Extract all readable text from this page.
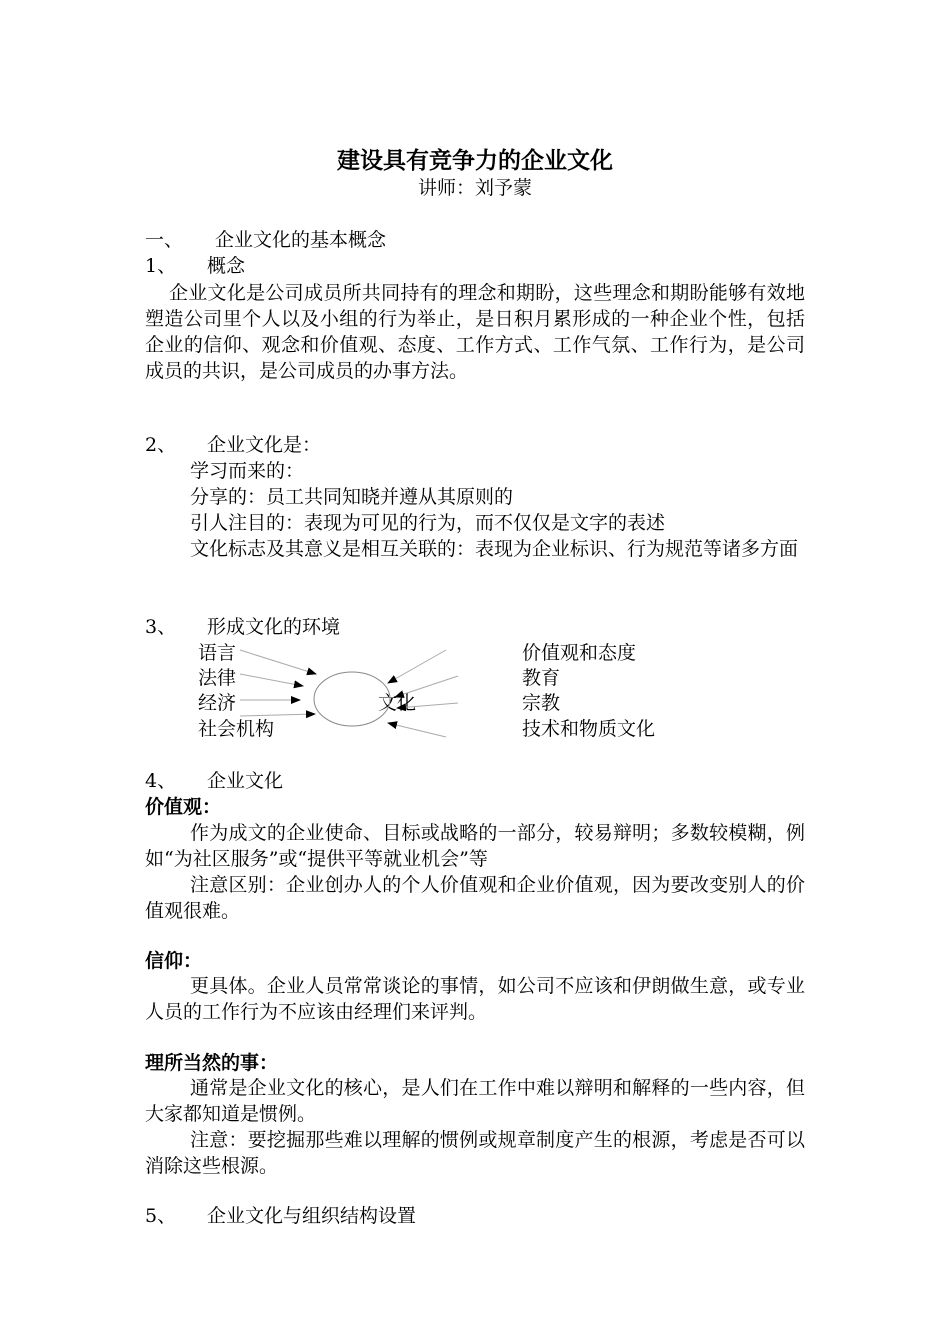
建设具有竞争力的企业文化
讲师：刘予蒙
一、 企业文化的基本概念
1、 概念
企业文化是公司成员所共同持有的理念和期盼，这些理念和期盼能够有效地塑造公司里个人以及小组的行为举止，是日积月累形成的一种企业个性，包括企业的信仰、观念和价值观、态度、工作方式、工作气氛、工作行为，是公司成员的共识，是公司成员的办事方法。
2、 企业文化是：
学习而来的：
分享的：员工共同知晓并遵从其原则的
引人注目的：表现为可见的行为，而不仅仅是文字的表述
文化标志及其意义是相互关联的：表现为企业标识、行为规范等诸多方面
3、 形成文化的环境
语言
法律
经济
社会机构
文化
价值观和态度
教育
宗教
技术和物质文化
4、 企业文化
价值观：
作为成文的企业使命、目标或战略的一部分，较易辩明；多数较模糊，例如“为社区服务”或“提供平等就业机会”等
注意区别：企业创办人的个人价值观和企业价值观，因为要改变别人的价值观很难。
信仰：
更具体。企业人员常常谈论的事情，如公司不应该和伊朗做生意，或专业人员的工作行为不应该由经理们来评判。
理所当然的事：
通常是企业文化的核心，是人们在工作中难以辩明和解释的一些内容，但大家都知道是惯例。
注意：要挖掘那些难以理解的惯例或规章制度产生的根源，考虑是否可以消除这些根源。
5、 企业文化与组织结构设置
